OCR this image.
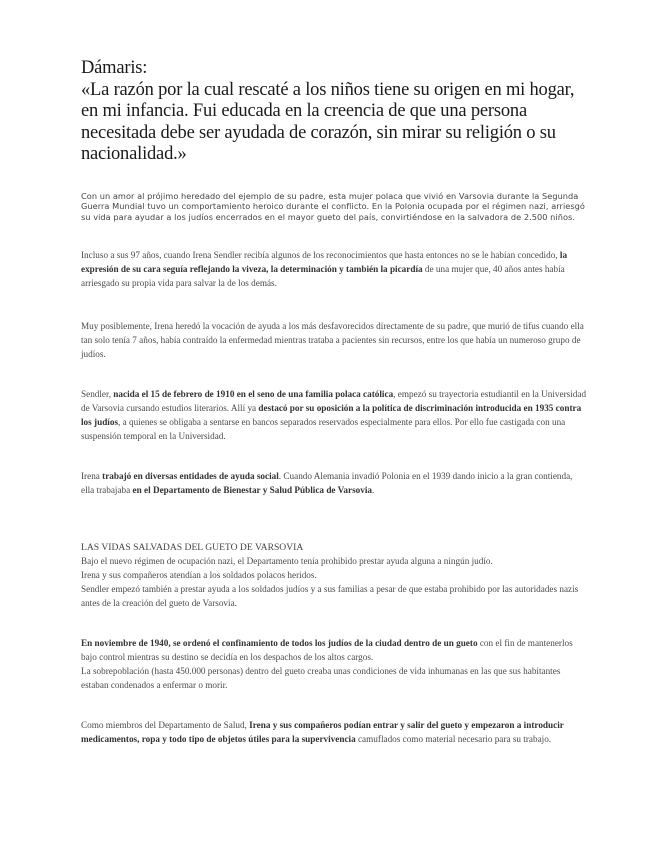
Dámaris:
«La razón por la cual rescaté a los niños tiene su origen en mi hogar, en mi infancia. Fui educada en la creencia de que una persona necesitada debe ser ayudada de corazón, sin mirar su religión o su nacionalidad.»
Con un amor al prójimo heredado del ejemplo de su padre, esta mujer polaca que vivió en Varsovia durante la Segunda Guerra Mundial tuvo un comportamiento heroico durante el conflicto. En la Polonia ocupada por el régimen nazi, arriesgó su vida para ayudar a los judíos encerrados en el mayor gueto del país, convirtiéndose en la salvadora de 2.500 niños.
Incluso a sus 97 años, cuando Irena Sendler recibía algunos de los reconocimientos que hasta entonces no se le habían concedido, la expresión de su cara seguía reflejando la viveza, la determinación y también la picardía de una mujer que, 40 años antes había arriesgado su propia vida para salvar la de los demás.
Muy posiblemente, Irena heredó la vocación de ayuda a los más desfavorecidos directamente de su padre, que murió de tifus cuando ella tan solo tenía 7 años, había contraído la enfermedad mientras trataba a pacientes sin recursos, entre los que había un numeroso grupo de judíos.
Sendler, nacida el 15 de febrero de 1910 en el seno de una familia polaca católica, empezó su trayectoria estudiantil en la Universidad de Varsovia cursando estudios literarios. Allí ya destacó por su oposición a la política de discriminación introducida en 1935 contra los judíos, a quienes se obligaba a sentarse en bancos separados reservados especialmente para ellos. Por ello fue castigada con una suspensión temporal en la Universidad.
Irena trabajó en diversas entidades de ayuda social. Cuando Alemania invadió Polonia en el 1939 dando inicio a la gran contienda, ella trabajaba en el Departamento de Bienestar y Salud Pública de Varsovia.
LAS VIDAS SALVADAS DEL GUETO DE VARSOVIA
Bajo el nuevo régimen de ocupación nazi, el Departamento tenía prohibido prestar ayuda alguna a ningún judío.
Irena y sus compañeros atendían a los soldados polacos heridos.
Sendler empezó también a prestar ayuda a los soldados judíos y a sus familias a pesar de que estaba prohibido por las autoridades nazis antes de la creación del gueto de Varsovia.
En noviembre de 1940, se ordenó el confinamiento de todos los judíos de la ciudad dentro de un gueto con el fin de mantenerlos bajo control mientras su destino se decidía en los despachos de los altos cargos.
La sobrepoblación (hasta 450.000 personas) dentro del gueto creaba unas condiciones de vida inhumanas en las que sus habitantes estaban condenados a enfermar o morir.
Como miembros del Departamento de Salud, Irena y sus compañeros podían entrar y salir del gueto y empezaron a introducir medicamentos, ropa y todo tipo de objetos útiles para la supervivencia camuflados como material necesario para su trabajo.
